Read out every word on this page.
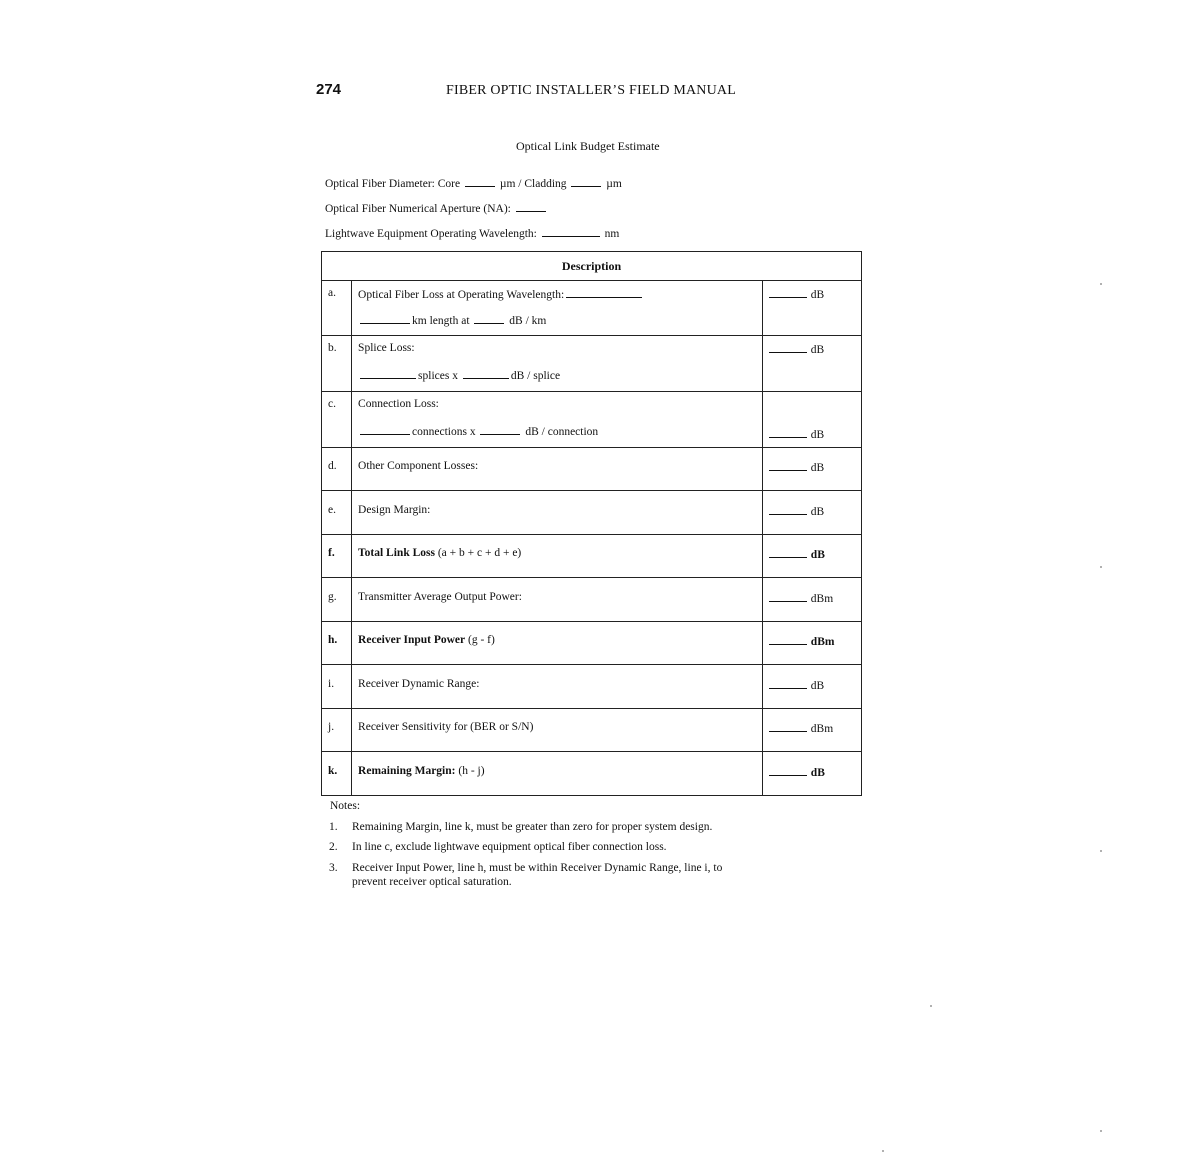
274	FIBER OPTIC INSTALLER’S FIELD MANUAL
Optical Link Budget Estimate
Optical Fiber Diameter: Core	µm / Cladding	µm
Optical Fiber Numerical Aperture (NA):
Lightwave Equipment Operating Wavelength:	nm
Description		
a.	Optical Fiber Loss at Operating Wavelength:
km length at dB / km	dB
b.	Splice Loss:
splices x dB / splice	dB
c.	Connection Loss:
connections x dB / connection	dB
d.	Other Component Losses:	dB
e.	Design Margin:	dB
f.	Total Link Loss (a + b + c + d + e)	dB
g.	Transmitter Average Output Power:	dBm
h.	Receiver Input Power (g - f)	dBm
i.	Receiver Dynamic Range:	dB
j.	Receiver Sensitivity for (BER or S/N)	dBm
k.	Remaining Margin: (h - j)	dB
Notes:
1. Remaining Margin, line k, must be greater than zero for proper system design.
2. In line c, exclude lightwave equipment optical fiber connection loss.
3. Receiver Input Power, line h, must be within Receiver Dynamic Range, line i, to prevent receiver optical saturation.
